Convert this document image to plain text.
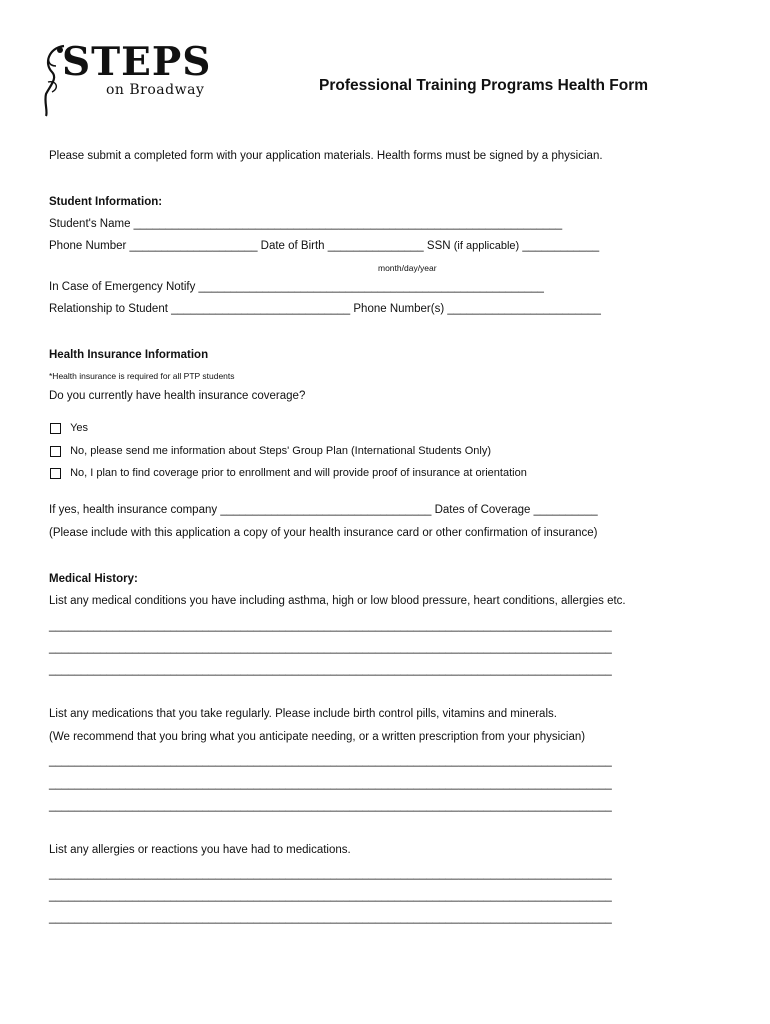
STEPS
on Broadway	Professional Training Programs Health Form
Please submit a completed form with your application materials. Health forms must be signed by a physician.
Student Information:
Student's Name ___________________________________________________________________
Phone Number ____________________ Date of Birth _______________ SSN (if applicable) ____________
month/day/year
In Case of Emergency Notify ______________________________________________________
Relationship to Student ____________________________ Phone Number(s) ________________________
Health Insurance Information
*Health insurance is required for all PTP students
Do you currently have health insurance coverage?
Yes
No, please send me information about Steps' Group Plan (International Students Only)
No, I plan to find coverage prior to enrollment and will provide proof of insurance at orientation
If yes, health insurance company _________________________________ Dates of Coverage __________
(Please include with this application a copy of your health insurance card or other confirmation of insurance)
Medical History:
List any medical conditions you have including asthma, high or low blood pressure, heart conditions, allergies etc.
________________________________________________________________________________________
________________________________________________________________________________________
________________________________________________________________________________________
List any medications that you take regularly. Please include birth control pills, vitamins and minerals.
(We recommend that you bring what you anticipate needing, or a written prescription from your physician)
________________________________________________________________________________________
________________________________________________________________________________________
________________________________________________________________________________________
List any allergies or reactions you have had to medications.
________________________________________________________________________________________
________________________________________________________________________________________
________________________________________________________________________________________
